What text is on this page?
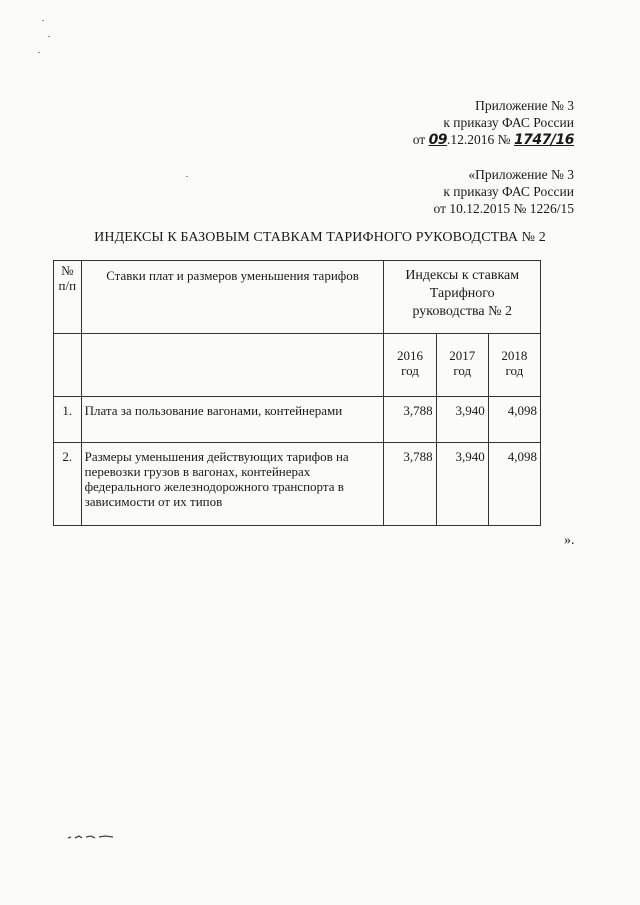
Приложение № 3
к приказу ФАС России
от 09.12.2016 № 1747/16
«Приложение № 3
к приказу ФАС России
от 10.12.2015 № 1226/15
ИНДЕКСЫ К БАЗОВЫМ СТАВКАМ ТАРИФНОГО РУКОВОДСТВА № 2
№ п/п	Ставки плат и размеров уменьшения тарифов	Индексы к ставкам Тарифного руководства № 2		
		2016 год	2017 год	2018 год
1.	Плата за пользование вагонами, контейнерами	3,788	3,940	4,098
2.	Размеры уменьшения действующих тарифов на перевозки грузов в вагонах, контейнерах федерального железнодорожного транспорта в зависимости от их типов	3,788	3,940	4,098
».
